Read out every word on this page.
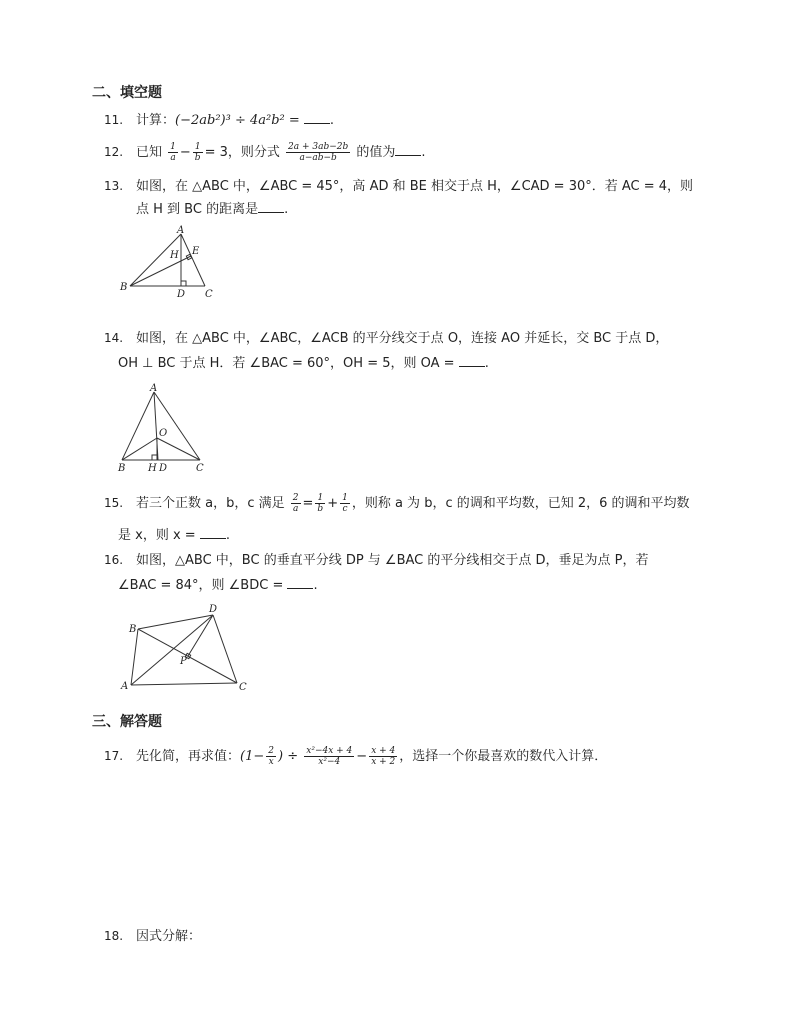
二、填空题
11. 计算：(−2ab²)³ ÷ 4a²b² = .
12. 已知 $\frac{1}{a} - \frac{1}{b} = 3$，则分式 $\frac{2a + 3ab-2b}{a-ab-b}$ 的值为 .
13. 如图，在 △ABC 中，∠ABC = 45°，高 AD 和 BE 相交于点 H，∠CAD = 30°．若 AC = 4，则
点 H 到 BC 的距离是 .
A
B
C
D
E
H
14. 如图，在 △ABC 中，∠ABC，∠ACB 的平分线交于点 O，连接 AO 并延长，交 BC 于点 D，
OH ⊥ BC 于点 H．若 ∠BAC = 60°，OH = 5，则 OA = .
A
B	C
H D
O
15. 若三个正数 a，b，c 满足 $\frac{2}{a} = \frac{1}{b} + \frac{1}{c}$ ，则称 a 为 b，c 的调和平均数，已知 2，6 的调和平均数
是 x，则 x = .
16. 如图，△ABC 中，BC 的垂直平分线 DP 与 ∠BAC 的平分线相交于点 D，垂足为点 P，若
∠BAC = 84°，则 ∠BDC = .
B
D
A	C
P
三、解答题
17. 先化简，再求值：($1- \frac{2}{x}$ ) ÷ $\frac{\text{x²−4x + 4}}{\text{x²−4}} - \frac{x + 4}{x + 2}$ ，选择一个你最喜欢的数代入计算．
18. 因式分解：
